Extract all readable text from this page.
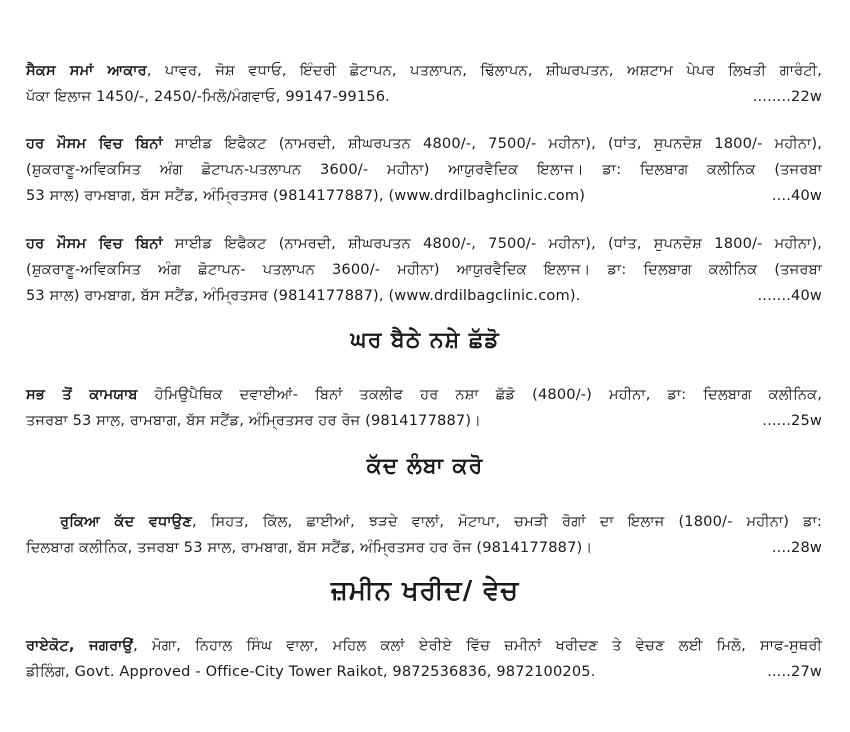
ਸੈਕਸ ਸਮਾਂ ਆਕਾਰ, ਪਾਵਰ, ਜੋਸ਼ ਵਧਾਓ, ਇੰਦਰੀ ਛੋਟਾਪਨ, ਪਤਲਾਪਨ, ਢਿੱਲਾਪਨ, ਸ਼ੀਘਰਪਤਨ, ਅਸ਼ਟਾਮ ਪੇਪਰ ਲਿਖਤੀ ਗਾਰੰਟੀ,
ਪੱਕਾ ਇਲਾਜ 1450/-, 2450/-ਮਿਲੋ/ਮੰਗਵਾਓ, 99147-99156.	........22w
ਹਰ ਮੌਸਮ ਵਿਚ ਬਿਨਾਂ ਸਾਈਡ ਇਫੈਕਟ (ਨਾਮਰਦੀ, ਸ਼ੀਘਰਪਤਨ 4800/-, 7500/- ਮਹੀਨਾ), (ਧਾਂਤ, ਸੁਪਨਦੋਸ਼ 1800/- ਮਹੀਨਾ),
(ਸ਼ੁਕਰਾਣੂ-ਅਵਿਕਸਿਤ ਅੰਗ ਛੋਟਾਪਨ-ਪਤਲਾਪਨ 3600/- ਮਹੀਨਾ) ਆਯੁਰਵੈਦਿਕ ਇਲਾਜ। ਡਾ: ਦਿਲਬਾਗ ਕਲੀਨਿਕ (ਤਜਰਬਾ
53 ਸਾਲ) ਰਾਮਬਾਗ, ਬੱਸ ਸਟੈਂਡ, ਅੰਮ੍ਰਿਤਸਰ (9814177887), (www.drdilbaghclinic.com)	....40w
ਹਰ ਮੌਸਮ ਵਿਚ ਬਿਨਾਂ ਸਾਈਡ ਇਫੈਕਟ (ਨਾਮਰਦੀ, ਸ਼ੀਘਰਪਤਨ 4800/-, 7500/- ਮਹੀਨਾ), (ਧਾਂਤ, ਸੁਪਨਦੋਸ਼ 1800/- ਮਹੀਨਾ),
(ਸ਼ੁਕਰਾਣੂ-ਅਵਿਕਸਿਤ ਅੰਗ ਛੋਟਾਪਨ- ਪਤਲਾਪਨ 3600/- ਮਹੀਨਾ) ਆਯੁਰਵੈਦਿਕ ਇਲਾਜ। ਡਾ: ਦਿਲਬਾਗ ਕਲੀਨਿਕ (ਤਜਰਬਾ
53 ਸਾਲ) ਰਾਮਬਾਗ, ਬੱਸ ਸਟੈਂਡ, ਅੰਮ੍ਰਿਤਸਰ (9814177887), (www.drdilbagclinic.com).	.......40w
ਘਰ ਬੈਠੇ ਨਸ਼ੇ ਛੱਡੋ
ਸਭ ਤੋਂ ਕਾਮਯਾਬ ਹੋਮਿਉਪੈਥਿਕ ਦਵਾਈਆਂ- ਬਿਨਾਂ ਤਕਲੀਫ ਹਰ ਨਸ਼ਾ ਛੱਡੋ (4800/-) ਮਹੀਨਾ, ਡਾ: ਦਿਲਬਾਗ ਕਲੀਨਿਕ,
ਤਜਰਬਾ 53 ਸਾਲ, ਰਾਮਬਾਗ, ਬੱਸ ਸਟੈਂਡ, ਅੰਮ੍ਰਿਤਸਰ ਹਰ ਰੋਜ (9814177887)।	......25w
ਕੱਦ ਲੰਬਾ ਕਰੋ
ਰੁਕਿਆ ਕੱਦ ਵਧਾਉਣ, ਸਿਹਤ, ਕਿੱਲ, ਛਾਈਆਂ, ਝੜਦੇ ਵਾਲਾਂ, ਮੋਟਾਪਾ, ਚਮੜੀ ਰੋਗਾਂ ਦਾ ਇਲਾਜ (1800/- ਮਹੀਨਾ) ਡਾ:
ਦਿਲਬਾਗ ਕਲੀਨਿਕ, ਤਜਰਬਾ 53 ਸਾਲ, ਰਾਮਬਾਗ, ਬੱਸ ਸਟੈਂਡ, ਅੰਮ੍ਰਿਤਸਰ ਹਰ ਰੋਜ (9814177887)।	....28w
ਜ਼ਮੀਨ ਖਰੀਦ/ ਵੇਚ
ਰਾਏਕੋਟ, ਜਗਰਾਉਂ, ਮੋਗਾ, ਨਿਹਾਲ ਸਿੰਘ ਵਾਲਾ, ਮਹਿਲ ਕਲਾਂ ਏਰੀਏ ਵਿੱਚ ਜ਼ਮੀਨਾਂ ਖਰੀਦਣ ਤੇ ਵੇਚਣ ਲਈ ਮਿਲੋ, ਸਾਫ-ਸੁਥਰੀ
ਡੀਲਿੰਗ, Govt. Approved - Office-City Tower Raikot, 9872536836, 9872100205.	.....27w
